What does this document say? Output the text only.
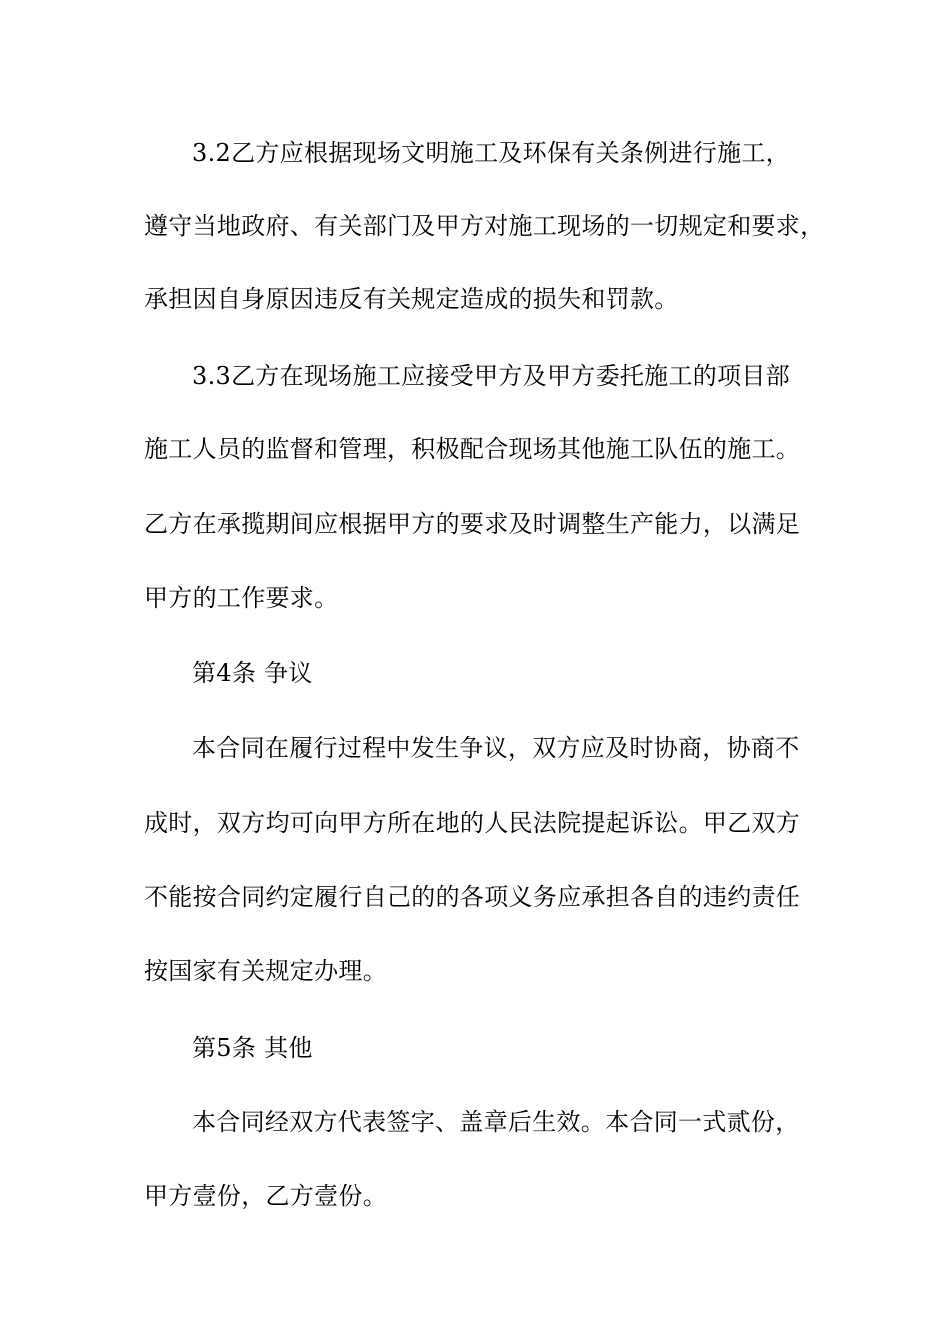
3.2乙方应根据现场文明施工及环保有关条例进行施工，
遵守当地政府、有关部门及甲方对施工现场的一切规定和要求，
承担因自身原因违反有关规定造成的损失和罚款。
3.3乙方在现场施工应接受甲方及甲方委托施工的项目部
施工人员的监督和管理，积极配合现场其他施工队伍的施工。
乙方在承揽期间应根据甲方的要求及时调整生产能力，以满足
甲方的工作要求。
第4条 争议
本合同在履行过程中发生争议，双方应及时协商，协商不
成时，双方均可向甲方所在地的人民法院提起诉讼。甲乙双方
不能按合同约定履行自己的的各项义务应承担各自的违约责任
按国家有关规定办理。
第5条 其他
本合同经双方代表签字、盖章后生效。本合同一式贰份，
甲方壹份，乙方壹份。
